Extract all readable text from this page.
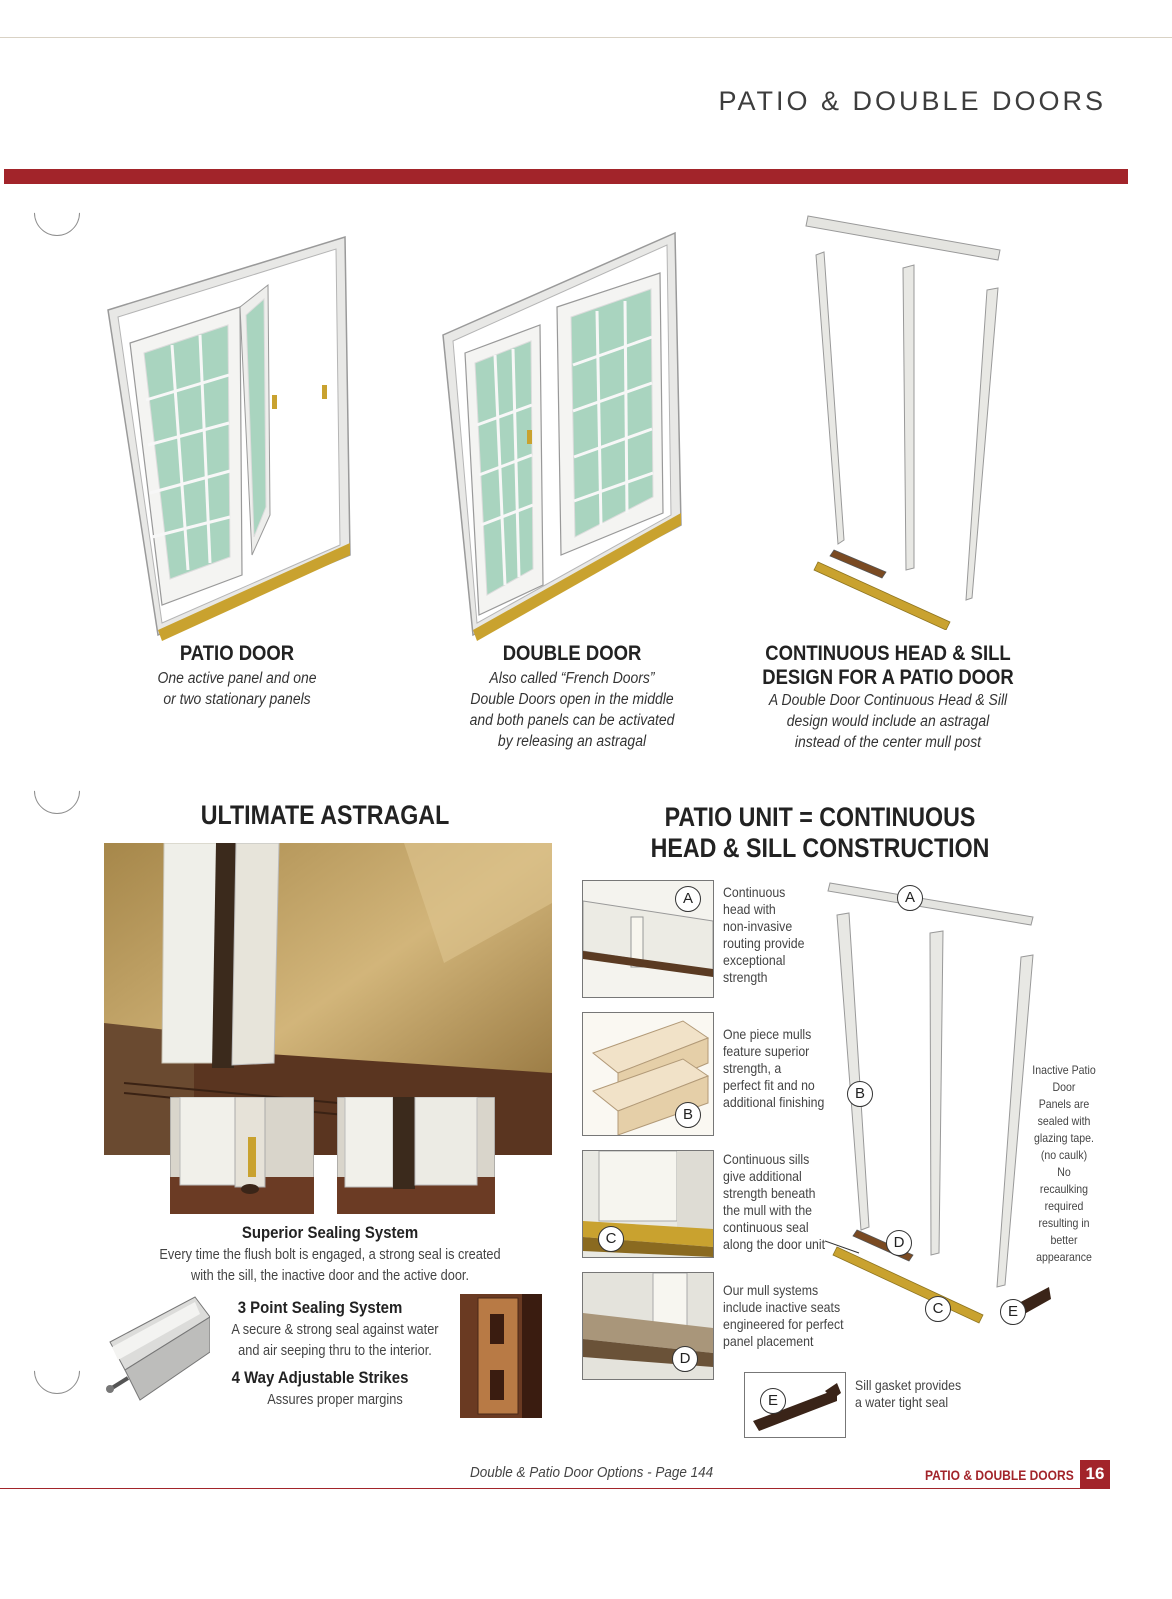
PATIO & DOUBLE DOORS
PATIO DOOR
One active panel and one
or two stationary panels
DOUBLE DOOR
Also called “French Doors”
Double Doors open in the middle
and both panels can be activated
by releasing an astragal
CONTINUOUS HEAD & SILL
DESIGN FOR A PATIO DOOR
A Double Door Continuous Head & Sill
design would include an astragal
instead of the center mull post
ULTIMATE ASTRAGAL
Superior Sealing System
Every time the flush bolt is engaged, a strong seal is created
with the sill, the inactive door and the active door.
3 Point Sealing System
A secure & strong seal against water
and air seeping thru to the interior.
4 Way Adjustable Strikes
Assures proper margins
PATIO UNIT = CONTINUOUS
HEAD & SILL CONSTRUCTION
A
B
C
D
E
Continuous
head with
non-invasive
routing provide
exceptional
strength
One piece mulls
feature superior
strength, a
perfect fit and no
additional finishing
Continuous sills
give additional
strength beneath
the mull with the
continuous seal
along the door unit
Our mull systems
include inactive seats
engineered for perfect
panel placement
Sill gasket provides
a water tight seal
A
B
D
C	E
Inactive Patio
Door
Panels are
sealed with
glazing tape.
(no caulk)
No
recaulking
required
resulting in
better
appearance
Double & Patio Door Options - Page 144	PATIO & DOUBLE DOORS 16
